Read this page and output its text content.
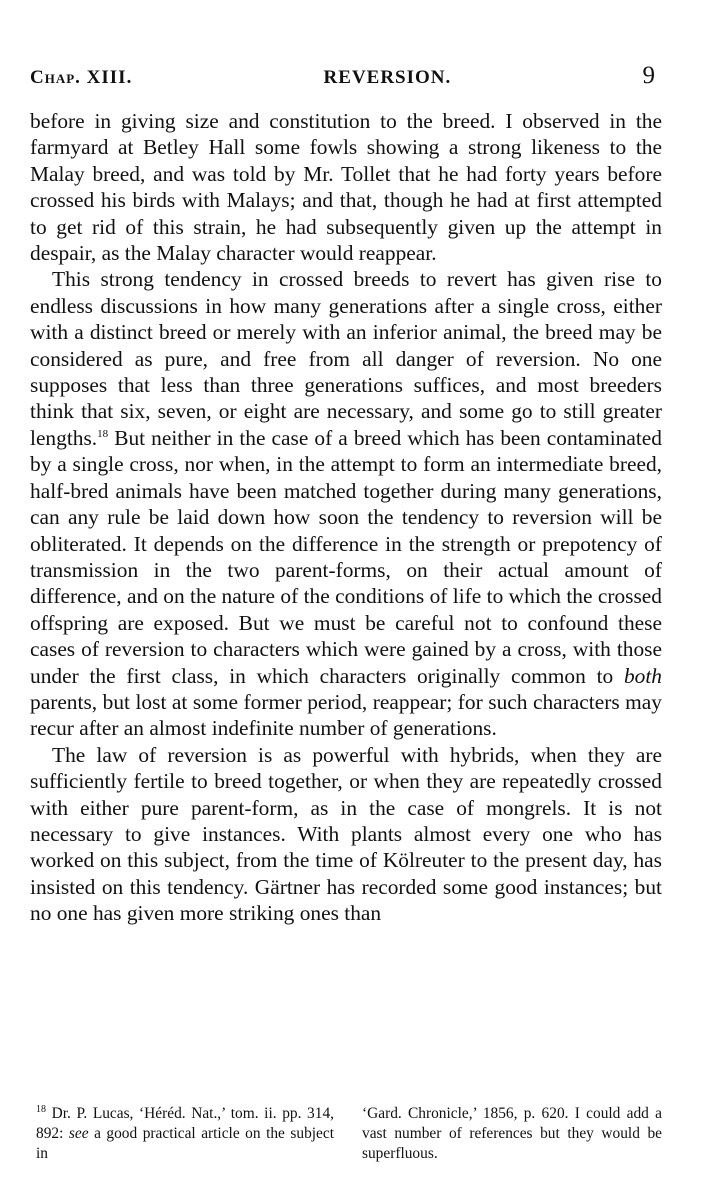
Chap. XIII.	REVERSION.	9

before in giving size and constitution to the breed. I observed in the farmyard at Betley Hall some fowls showing a strong likeness to the Malay breed, and was told by Mr. Tollet that he had forty years before crossed his birds with Malays; and that, though he had at first attempted to get rid of this strain, he had subsequently given up the attempt in despair, as the Malay character would reappear.

This strong tendency in crossed breeds to revert has given rise to endless discussions in how many generations after a single cross, either with a distinct breed or merely with an inferior animal, the breed may be considered as pure, and free from all danger of reversion. No one supposes that less than three generations suffices, and most breeders think that six, seven, or eight are necessary, and some go to still greater lengths.$^{18}$ But neither in the case of a breed which has been contaminated by a single cross, nor when, in the attempt to form an intermediate breed, half-bred animals have been matched together during many generations, can any rule be laid down how soon the tendency to reversion will be obliterated. It depends on the difference in the strength or prepotency of transmission in the two parent-forms, on their actual amount of difference, and on the nature of the conditions of life to which the crossed offspring are exposed. But we must be careful not to confound these cases of reversion to characters which were gained by a cross, with those under the first class, in which characters originally common to both parents, but lost at some former period, reappear; for such characters may recur after an almost indefinite number of generations.

The law of reversion is as powerful with hybrids, when they are sufficiently fertile to breed together, or when they are repeatedly crossed with either pure parent-form, as in the case of mongrels. It is not necessary to give instances. With plants almost every one who has worked on this subject, from the time of Kölreuter to the present day, has insisted on this tendency. Gärtner has recorded some good instances; but no one has given more striking ones than

$^{18}$ Dr. P. Lucas, ‘Héréd. Nat.,’ tom. ii. pp. 314, 892: see a good practical article on the subject in
‘Gard. Chronicle,’ 1856, p. 620. I could add a vast number of references but they would be superfluous.
